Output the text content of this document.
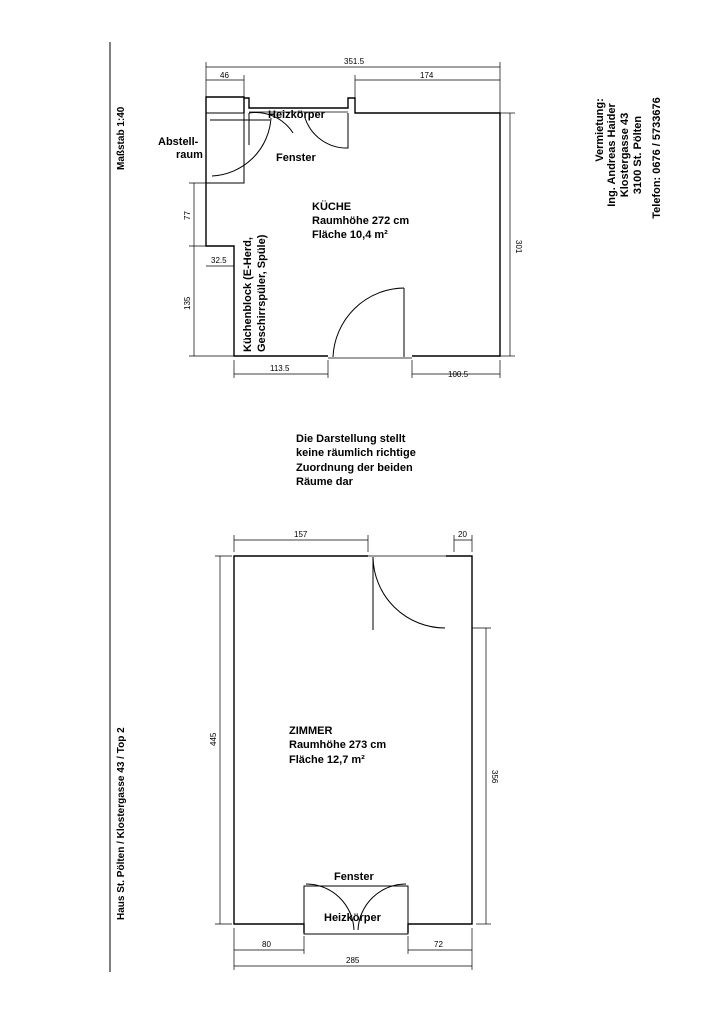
Maßstab 1:40
Haus St. Pölten / Klostergasse 43 / Top 2
Vermietung: Ing. Andreas Haider Klostergasse 43 3100 St. Pölten Telefon: 0676 / 5733676
351.5
46	174
301
77
32.5
135
113.5
100.5
Heizkörper
Fenster
Abstell-
raum
KÜCHE
Raumhöhe 272 cm
Fläche 10,4 m²
Küchenblock (E-Herd, Geschirrspüler, Spüle)
Die Darstellung stellt
keine räumlich richtige
Zuordnung der beiden
Räume dar
157	20
445
356
80	72
285
ZIMMER
Raumhöhe 273 cm
Fläche 12,7 m²
Fenster
Heizkörper
